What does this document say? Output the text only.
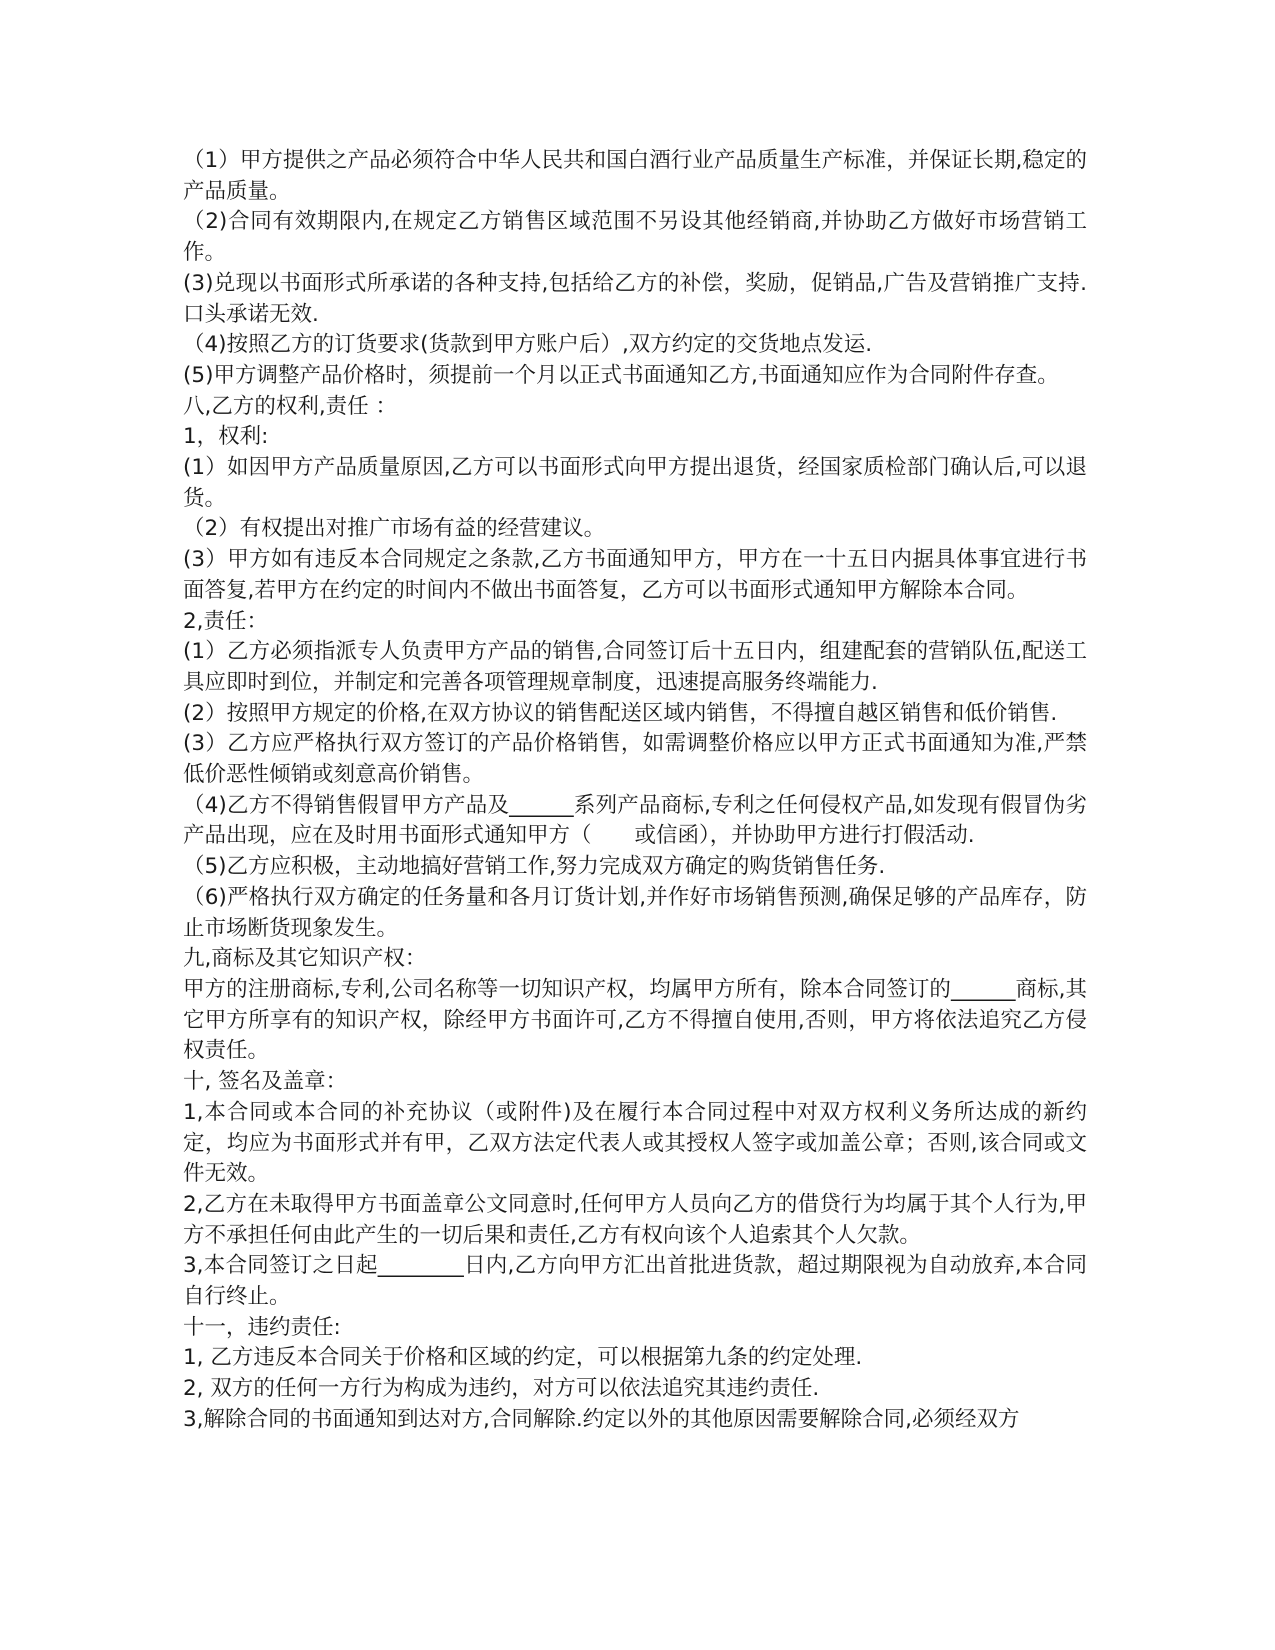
（1）甲方提供之产品必须符合中华人民共和国白酒行业产品质量生产标准，并保证长期,稳定的产品质量。

（2)合同有效期限内,在规定乙方销售区域范围不另设其他经销商,并协助乙方做好市场营销工作。

(3)兑现以书面形式所承诺的各种支持,包括给乙方的补偿，奖励，促销品,广告及营销推广支持.口头承诺无效.

（4)按照乙方的订货要求(货款到甲方账户后）,双方约定的交货地点发运.

(5)甲方调整产品价格时，须提前一个月以正式书面通知乙方,书面通知应作为合同附件存查。

八,乙方的权利,责任 ：

1，权利:

(1）如因甲方产品质量原因,乙方可以书面形式向甲方提出退货，经国家质检部门确认后,可以退货。

（2）有权提出对推广市场有益的经营建议。

(3）甲方如有违反本合同规定之条款,乙方书面通知甲方，甲方在一十五日内据具体事宜进行书面答复,若甲方在约定的时间内不做出书面答复，乙方可以书面形式通知甲方解除本合同。

2,责任：

(1）乙方必须指派专人负责甲方产品的销售,合同签订后十五日内，组建配套的营销队伍,配送工具应即时到位，并制定和完善各项管理规章制度，迅速提高服务终端能力.

(2）按照甲方规定的价格,在双方协议的销售配送区域内销售，不得擅自越区销售和低价销售.

(3）乙方应严格执行双方签订的产品价格销售，如需调整价格应以甲方正式书面通知为准,严禁低价恶性倾销或刻意高价销售。

（4)乙方不得销售假冒甲方产品及______系列产品商标,专利之任何侵权产品,如发现有假冒伪劣产品出现，应在及时用书面形式通知甲方（　　或信函），并协助甲方进行打假活动.

（5)乙方应积极，主动地搞好营销工作,努力完成双方确定的购货销售任务.

（6)严格执行双方确定的任务量和各月订货计划,并作好市场销售预测,确保足够的产品库存，防止市场断货现象发生。

九,商标及其它知识产权：

甲方的注册商标,专利,公司名称等一切知识产权，均属甲方所有，除本合同签订的______商标,其它甲方所享有的知识产权，除经甲方书面许可,乙方不得擅自使用,否则，甲方将依法追究乙方侵权责任。

十, 签名及盖章：

1,本合同或本合同的补充协议（或附件)及在履行本合同过程中对双方权利义务所达成的新约定，均应为书面形式并有甲，乙双方法定代表人或其授权人签字或加盖公章；否则,该合同或文件无效。

2,乙方在未取得甲方书面盖章公文同意时,任何甲方人员向乙方的借贷行为均属于其个人行为,甲方不承担任何由此产生的一切后果和责任,乙方有权向该个人追索其个人欠款。

3,本合同签订之日起________日内,乙方向甲方汇出首批进货款，超过期限视为自动放弃,本合同自行终止。

十一，违约责任:

1, 乙方违反本合同关于价格和区域的约定，可以根据第九条的约定处理.

2, 双方的任何一方行为构成为违约，对方可以依法追究其违约责任.

3,解除合同的书面通知到达对方,合同解除.约定以外的其他原因需要解除合同,必须经双方
